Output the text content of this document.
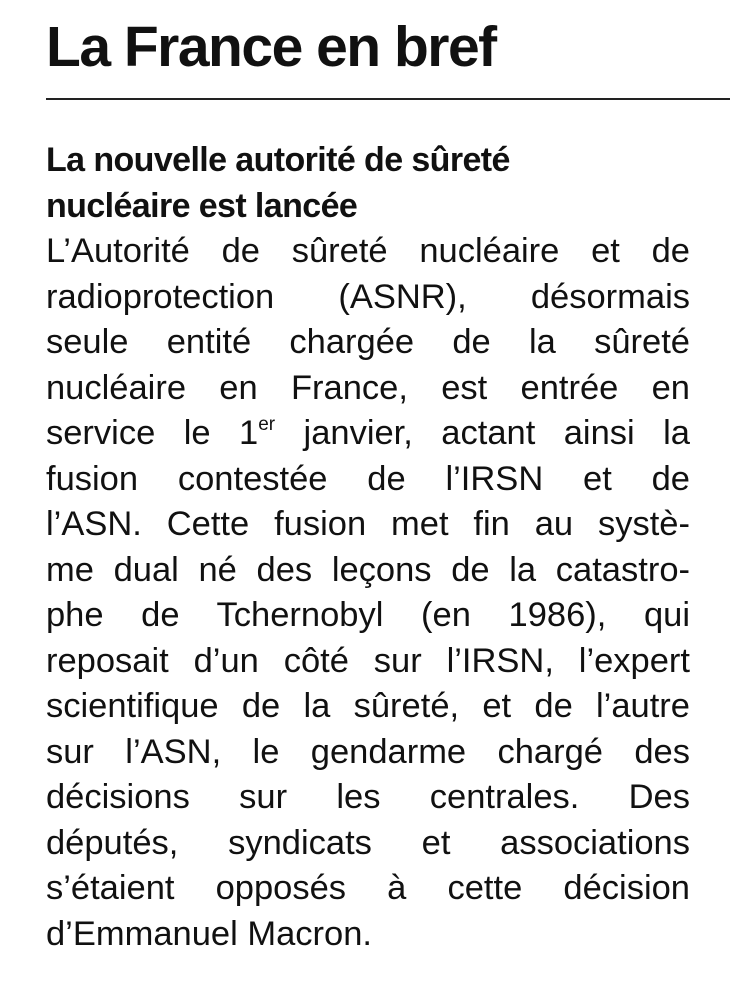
La France en bref
La nouvelle autorité de sûreté
nucléaire est lancée

L’Autorité de sûreté nucléaire et de
radioprotection (ASNR), désormais
seule entité chargée de la sûreté
nucléaire en France, est entrée en
service le 1er janvier, actant ainsi la
fusion contestée de l’IRSN et de
l’ASN. Cette fusion met fin au systè-
me dual né des leçons de la catastro-
phe de Tchernobyl (en 1986), qui
reposait d’un côté sur l’IRSN, l’expert
scientifique de la sûreté, et de l’autre
sur l’ASN, le gendarme chargé des
décisions sur les centrales. Des
députés, syndicats et associations
s’étaient opposés à cette décision
d’Emmanuel Macron.
